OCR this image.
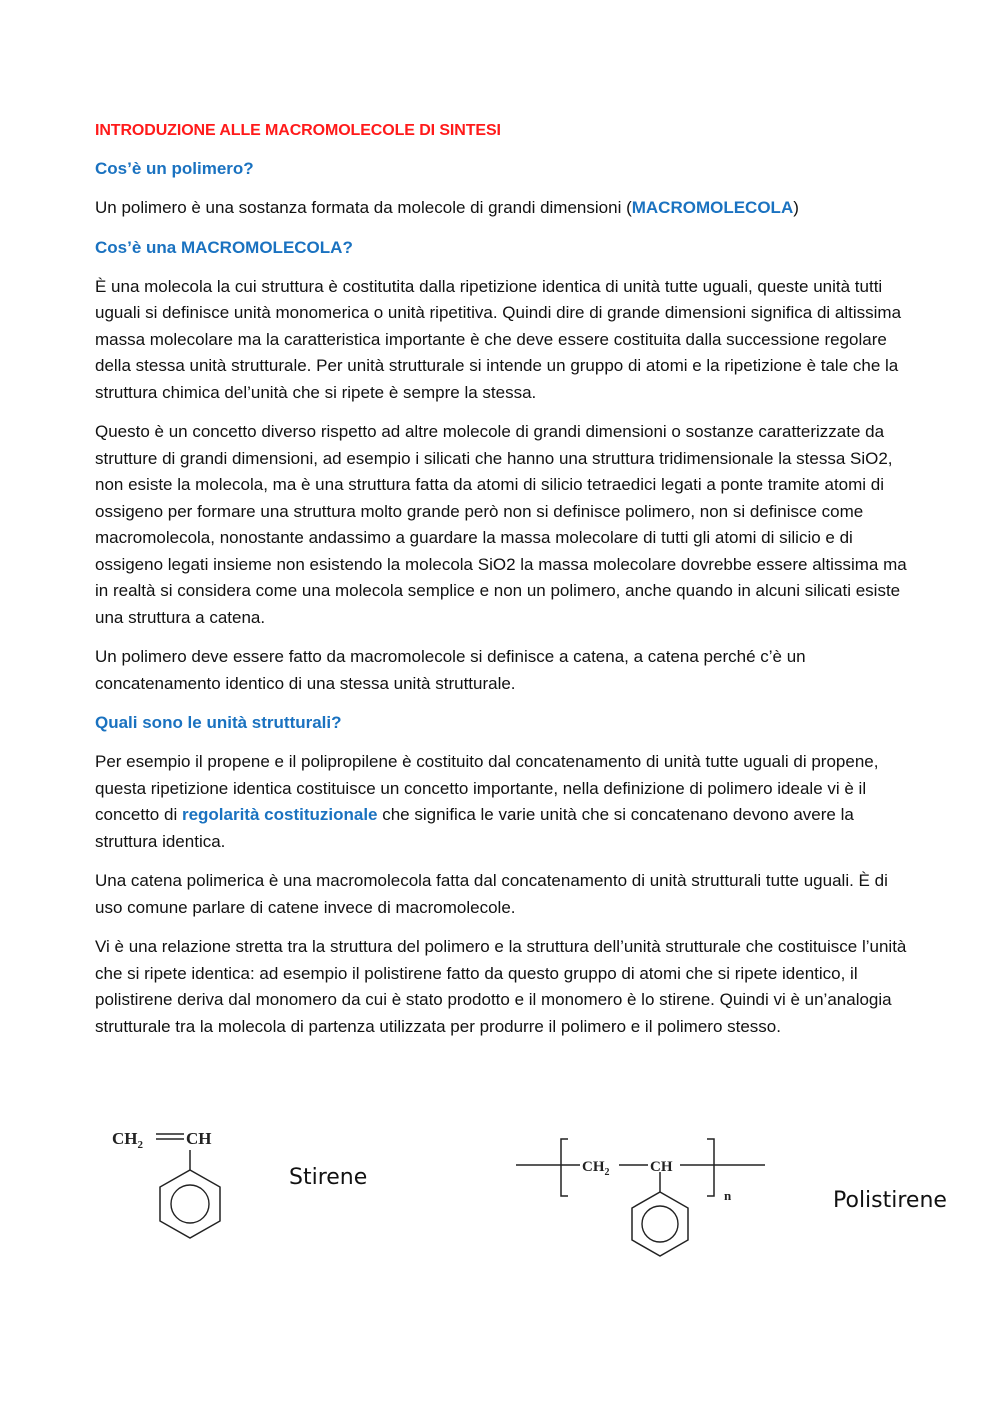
INTRODUZIONE ALLE MACROMOLECOLE DI SINTESI
Cos’è un polimero?

Un polimero è una sostanza formata da molecole di grandi dimensioni (MACROMOLECOLA)

Cos’è una MACROMOLECOLA?

È una molecola la cui struttura è costitutita dalla ripetizione identica di unità tutte uguali, queste unità tutti uguali si definisce unità monomerica o unità ripetitiva. Quindi dire di grande dimensioni significa di altissima massa molecolare ma la caratteristica importante è che deve essere costituita dalla successione regolare della stessa unità strutturale. Per unità strutturale si intende un gruppo di atomi e la ripetizione è tale che la struttura chimica del’unità che si ripete è sempre la stessa.

Questo è un concetto diverso rispetto ad altre molecole di grandi dimensioni o sostanze caratterizzate da strutture di grandi dimensioni, ad esempio i silicati che hanno una struttura tridimensionale la stessa SiO2, non esiste la molecola, ma è una struttura fatta da atomi di silicio tetraedici legati a ponte tramite atomi di ossigeno per formare una struttura molto grande però non si definisce polimero, non si definisce come macromolecola, nonostante andassimo a guardare la massa molecolare di tutti gli atomi di silicio e di ossigeno legati insieme non esistendo la molecola SiO2 la massa molecolare dovrebbe essere altissima ma in realtà si considera come una molecola semplice e non un polimero, anche quando in alcuni silicati esiste una struttura a catena.

Un polimero deve essere fatto da macromolecole si definisce a catena, a catena perché c’è un concatenamento identico di una stessa unità strutturale.

Quali sono le unità strutturali?

Per esempio il propene e il polipropilene è costituito dal concatenamento di unità tutte uguali di propene, questa ripetizione identica costituisce un concetto importante, nella definizione di polimero ideale vi è il concetto di regolarità costituzionale che significa le varie unità che si concatenano devono avere la struttura identica.

Una catena polimerica è una macromolecola fatta dal concatenamento di unità strutturali tutte uguali. È di uso comune parlare di catene invece di macromolecole.

Vi è una relazione stretta tra la struttura del polimero e la struttura dell’unità strutturale che costituisce l’unità che si ripete identica: ad esempio il polistirene fatto da questo gruppo di atomi che si ripete identico, il polistirene deriva dal monomero da cui è stato prodotto e il monomero è lo stirene. Quindi vi è un’analogia strutturale tra la molecola di partenza utilizzata per produrre il polimero e il polimero stesso.

$CH_2$	CH
Stirene	$CH_2$	CH
n	Polistirene
